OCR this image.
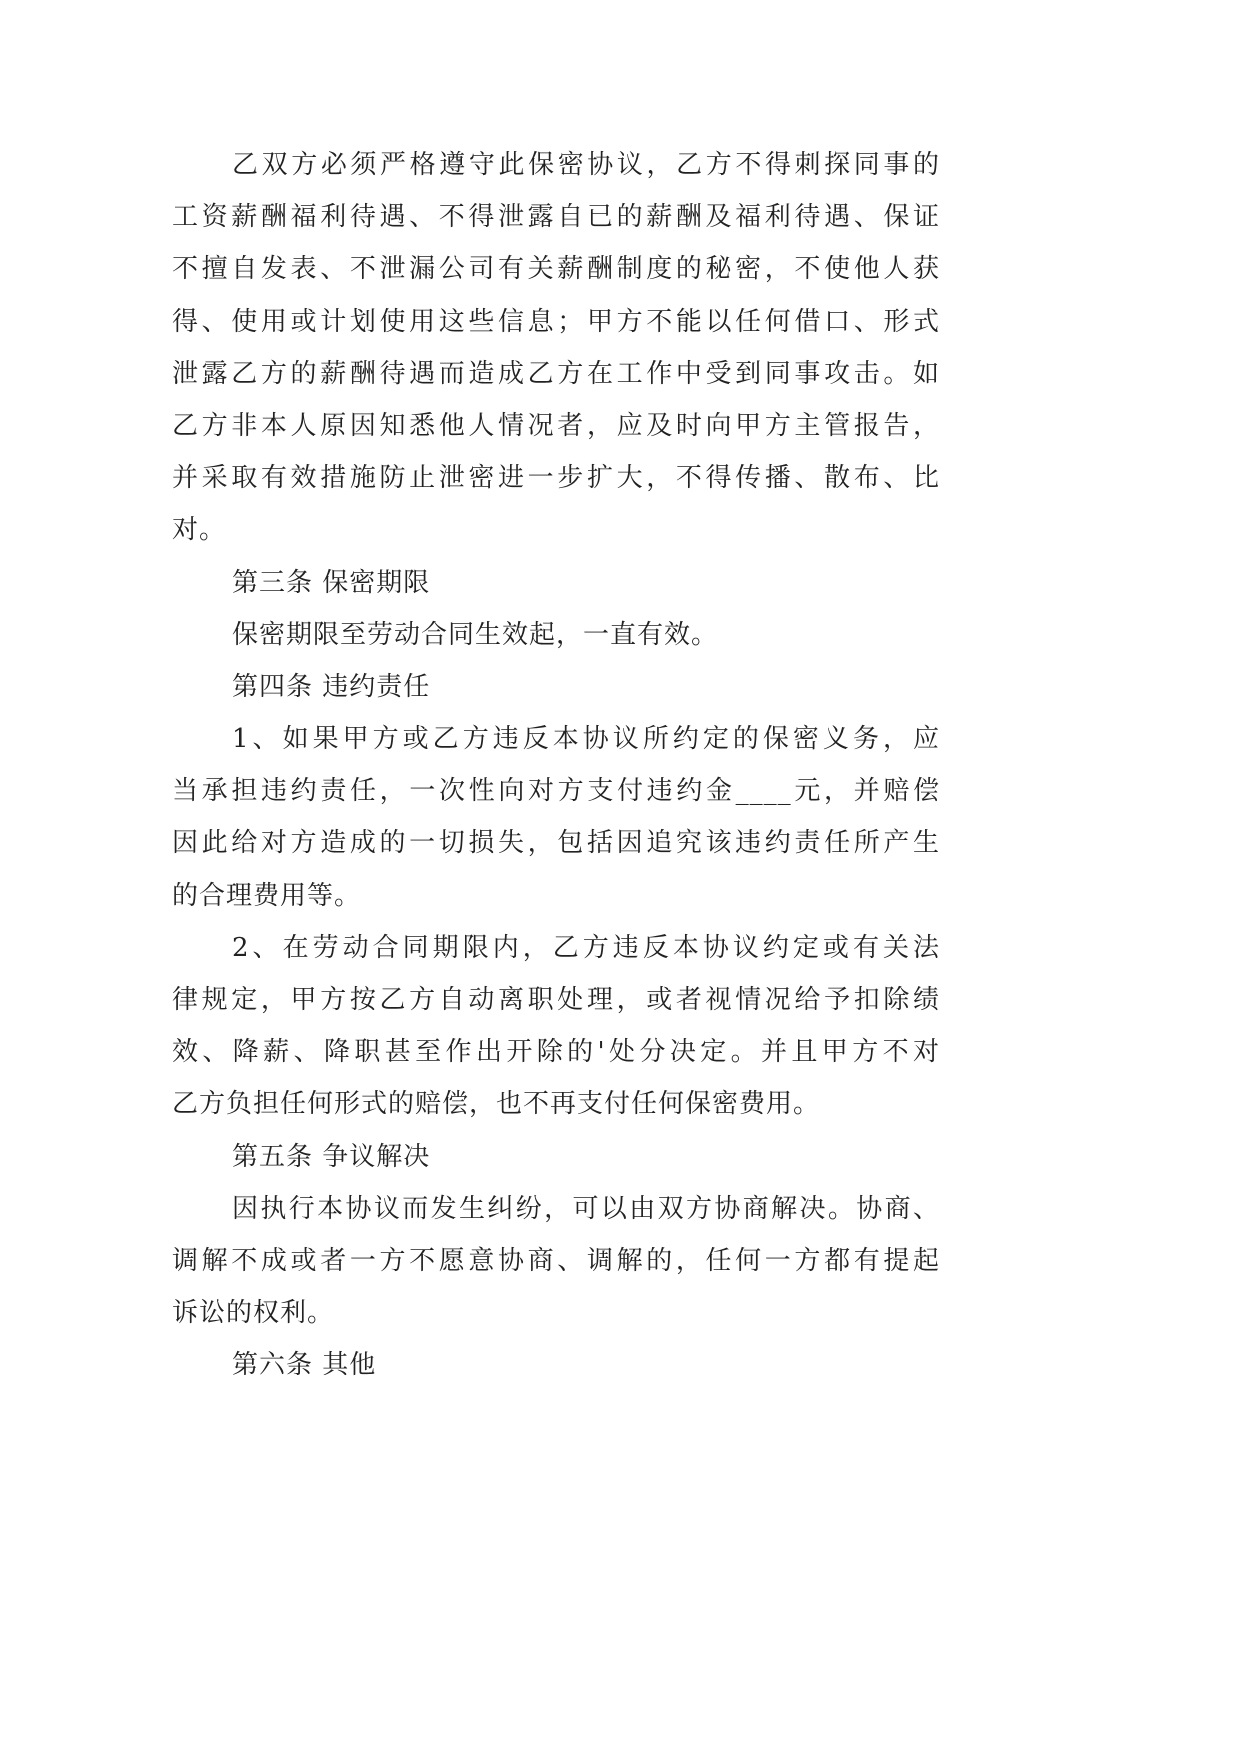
乙双方必须严格遵守此保密协议，乙方不得刺探同事的
工资薪酬福利待遇、不得泄露自已的薪酬及福利待遇、保证
不擅自发表、不泄漏公司有关薪酬制度的秘密，不使他人获
得、使用或计划使用这些信息；甲方不能以任何借口、形式
泄露乙方的薪酬待遇而造成乙方在工作中受到同事攻击。如
乙方非本人原因知悉他人情况者，应及时向甲方主管报告，
并采取有效措施防止泄密进一步扩大，不得传播、散布、比
对。
第三条 保密期限
保密期限至劳动合同生效起，一直有效。
第四条 违约责任
1、如果甲方或乙方违反本协议所约定的保密义务，应
当承担违约责任，一次性向对方支付违约金____元，并赔偿
因此给对方造成的一切损失，包括因追究该违约责任所产生
的合理费用等。
2、在劳动合同期限内，乙方违反本协议约定或有关法
律规定，甲方按乙方自动离职处理，或者视情况给予扣除绩
效、降薪、降职甚至作出开除的'处分决定。并且甲方不对
乙方负担任何形式的赔偿，也不再支付任何保密费用。
第五条 争议解决
因执行本协议而发生纠纷，可以由双方协商解决。协商、
调解不成或者一方不愿意协商、调解的，任何一方都有提起
诉讼的权利。
第六条 其他
